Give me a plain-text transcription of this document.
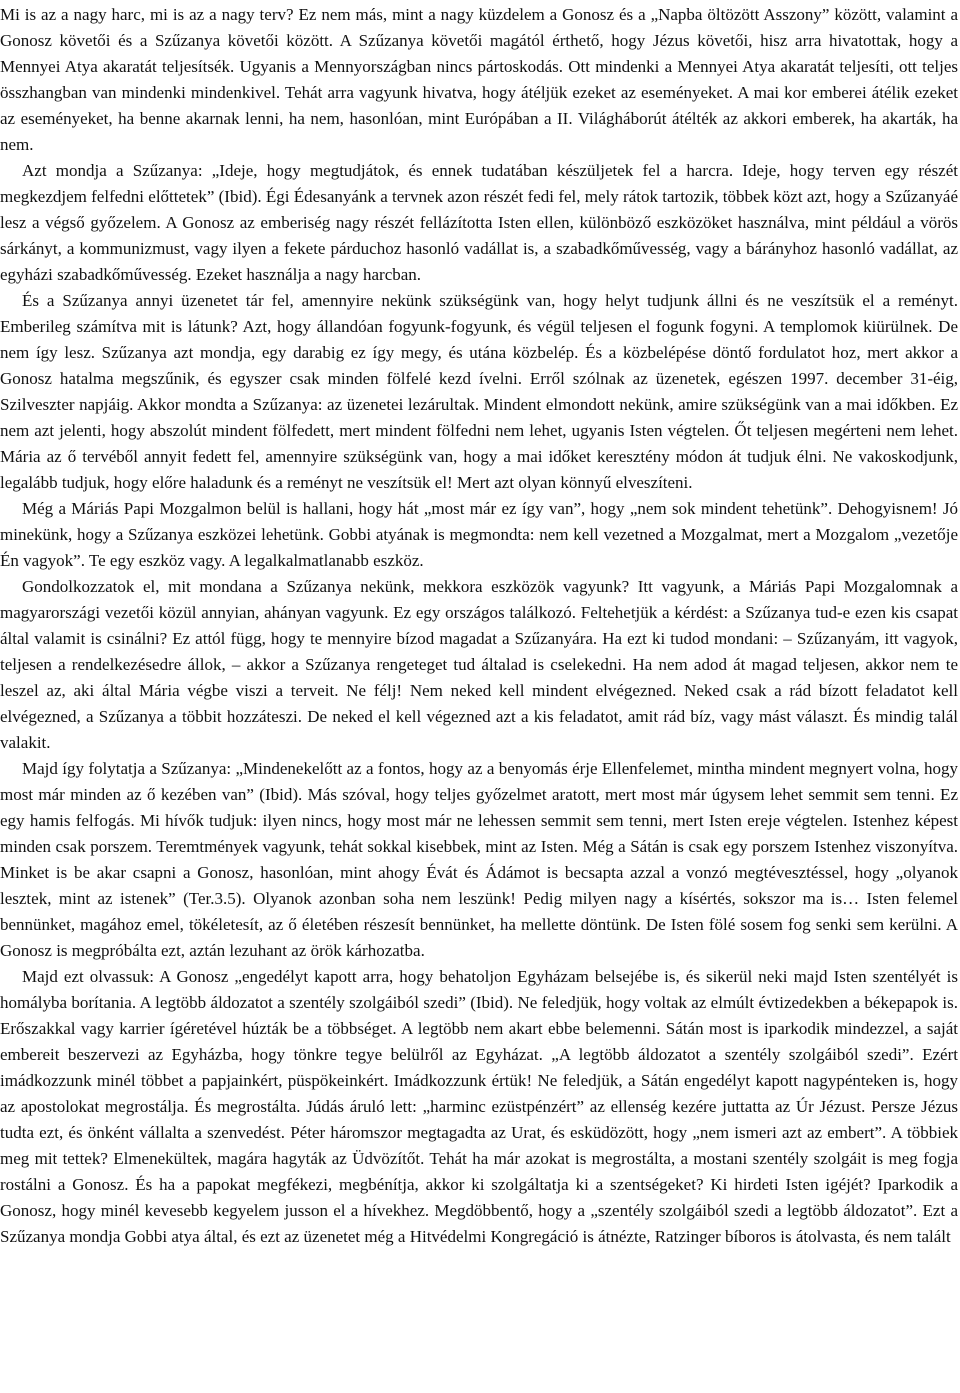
Mi is az a nagy harc, mi is az a nagy terv? Ez nem más, mint a nagy küzdelem a Gonosz és a „Napba öltözött Asszony” között, valamint a Gonosz követői és a Szűzanya követői között. A Szűzanya követői magától érthető, hogy Jézus követői, hisz arra hivatottak, hogy a Mennyei Atya akaratát teljesítsék. Ugyanis a Mennyországban nincs pártoskodás. Ott mindenki a Mennyei Atya akaratát teljesíti, ott teljes összhangban van mindenki mindenkivel. Tehát arra vagyunk hivatva, hogy átéljük ezeket az eseményeket. A mai kor emberei átélik ezeket az eseményeket, ha benne akarnak lenni, ha nem, hasonlóan, mint Európában a II. Világháborút átélték az akkori emberek, ha akarták, ha nem.

Azt mondja a Szűzanya: „Ideje, hogy megtudjátok, és ennek tudatában készüljetek fel a harcra. Ideje, hogy terven egy részét megkezdjem felfedni előttetek” (Ibid). Égi Édesanyánk a tervnek azon részét fedi fel, mely rátok tartozik, többek közt azt, hogy a Szűzanyáé lesz a végső győzelem. A Gonosz az emberiség nagy részét fellázította Isten ellen, különböző eszközöket használva, mint például a vörös sárkányt, a kommunizmust, vagy ilyen a fekete párduchoz hasonló vadállat is, a szabadkőművesség, vagy a bárányhoz hasonló vadállat, az egyházi szabadkőművesség. Ezeket használja a nagy harcban.

És a Szűzanya annyi üzenetet tár fel, amennyire nekünk szükségünk van, hogy helyt tudjunk állni és ne veszítsük el a reményt. Emberileg számítva mit is látunk? Azt, hogy állandóan fogyunk-fogyunk, és végül teljesen el fogunk fogyni. A templomok kiürülnek. De nem így lesz. Szűzanya azt mondja, egy darabig ez így megy, és utána közbelép. És a közbelépése döntő fordulatot hoz, mert akkor a Gonosz hatalma megszűnik, és egyszer csak minden fölfelé kezd ívelni. Erről szólnak az üzenetek, egészen 1997. december 31-éig, Szilveszter napjáig. Akkor mondta a Szűzanya: az üzenetei lezárultak. Mindent elmondott nekünk, amire szükségünk van a mai időkben. Ez nem azt jelenti, hogy abszolút mindent fölfedett, mert mindent fölfedni nem lehet, ugyanis Isten végtelen. Őt teljesen megérteni nem lehet. Mária az ő tervéből annyit fedett fel, amennyire szükségünk van, hogy a mai időket keresztény módon át tudjuk élni. Ne vakoskodjunk, legalább tudjuk, hogy előre haladunk és a reményt ne veszítsük el! Mert azt olyan könnyű elveszíteni.

Még a Máriás Papi Mozgalmon belül is hallani, hogy hát „most már ez így van”, hogy „nem sok mindent tehetünk”. Dehogyisnem! Jó minekünk, hogy a Szűzanya eszközei lehetünk. Gobbi atyának is megmondta: nem kell vezetned a Mozgalmat, mert a Mozgalom „vezetője Én vagyok”. Te egy eszköz vagy. A legalkalmatlanabb eszköz.

Gondolkozzatok el, mit mondana a Szűzanya nekünk, mekkora eszközök vagyunk? Itt vagyunk, a Máriás Papi Mozgalomnak a magyarországi vezetői közül annyian, ahányan vagyunk. Ez egy országos találkozó. Feltehetjük a kérdést: a Szűzanya tud-e ezen kis csapat által valamit is csinálni? Ez attól függ, hogy te mennyire bízod magadat a Szűzanyára. Ha ezt ki tudod mondani: – Szűzanyám, itt vagyok, teljesen a rendelkezésedre állok, – akkor a Szűzanya rengeteget tud általad is cselekedni. Ha nem adod át magad teljesen, akkor nem te leszel az, aki által Mária végbe viszi a terveit. Ne félj! Nem neked kell mindent elvégezned. Neked csak a rád bízott feladatot kell elvégezned, a Szűzanya a többit hozzáteszi. De neked el kell végezned azt a kis feladatot, amit rád bíz, vagy mást választ. És mindig talál valakit.

Majd így folytatja a Szűzanya: „Mindenekelőtt az a fontos, hogy az a benyomás érje Ellenfelemet, mintha mindent megnyert volna, hogy most már minden az ő kezében van” (Ibid). Más szóval, hogy teljes győzelmet aratott, mert most már úgysem lehet semmit sem tenni. Ez egy hamis felfogás. Mi hívők tudjuk: ilyen nincs, hogy most már ne lehessen semmit sem tenni, mert Isten ereje végtelen. Istenhez képest minden csak porszem. Teremtmények vagyunk, tehát sokkal kisebbek, mint az Isten. Még a Sátán is csak egy porszem Istenhez viszonyítva. Minket is be akar csapni a Gonosz, hasonlóan, mint ahogy Évát és Ádámot is becsapta azzal a vonzó megtévesztéssel, hogy „olyanok lesztek, mint az istenek” (Ter.3.5). Olyanok azonban soha nem leszünk! Pedig milyen nagy a kísértés, sokszor ma is… Isten felemel bennünket, magához emel, tökéletesít, az ő életében részesít bennünket, ha mellette döntünk. De Isten fölé sosem fog senki sem kerülni. A Gonosz is megpróbálta ezt, aztán lezuhant az örök kárhozatba.

Majd ezt olvassuk: A Gonosz „engedélyt kapott arra, hogy behatoljon Egyházam belsejébe is, és sikerül neki majd Isten szentélyét is homályba borítania. A legtöbb áldozatot a szentély szolgáiból szedi” (Ibid). Ne feledjük, hogy voltak az elmúlt évtizedekben a békepapok is. Erőszakkal vagy karrier ígéretével húzták be a többséget. A legtöbb nem akart ebbe belemenni. Sátán most is iparkodik mindezzel, a saját embereit beszervezi az Egyházba, hogy tönkre tegye belülről az Egyházat. „A legtöbb áldozatot a szentély szolgáiból szedi”. Ezért imádkozzunk minél többet a papjainkért, püspökeinkért. Imádkozzunk értük! Ne feledjük, a Sátán engedélyt kapott nagypénteken is, hogy az apostolokat megrostálja. És megrostálta. Júdás áruló lett: „harminc ezüstpénzért” az ellenség kezére juttatta az Úr Jézust. Persze Jézus tudta ezt, és önként vállalta a szenvedést. Péter háromszor megtagadta az Urat, és esküdözött, hogy „nem ismeri azt az embert”. A többiek meg mit tettek? Elmenekültek, magára hagyták az Üdvözítőt. Tehát ha már azokat is megrostálta, a mostani szentély szolgáit is meg fogja rostálni a Gonosz. És ha a papokat megfékezi, megbénítja, akkor ki szolgáltatja ki a szentségeket? Ki hirdeti Isten igéjét? Iparkodik a Gonosz, hogy minél kevesebb kegyelem jusson el a hívekhez. Megdöbbentő, hogy a „szentély szolgáiból szedi a legtöbb áldozatot”. Ezt a Szűzanya mondja Gobbi atya által, és ezt az üzenetet még a Hitvédelmi Kongregáció is átnézte, Ratzinger bíboros is átolvasta, és nem talált
